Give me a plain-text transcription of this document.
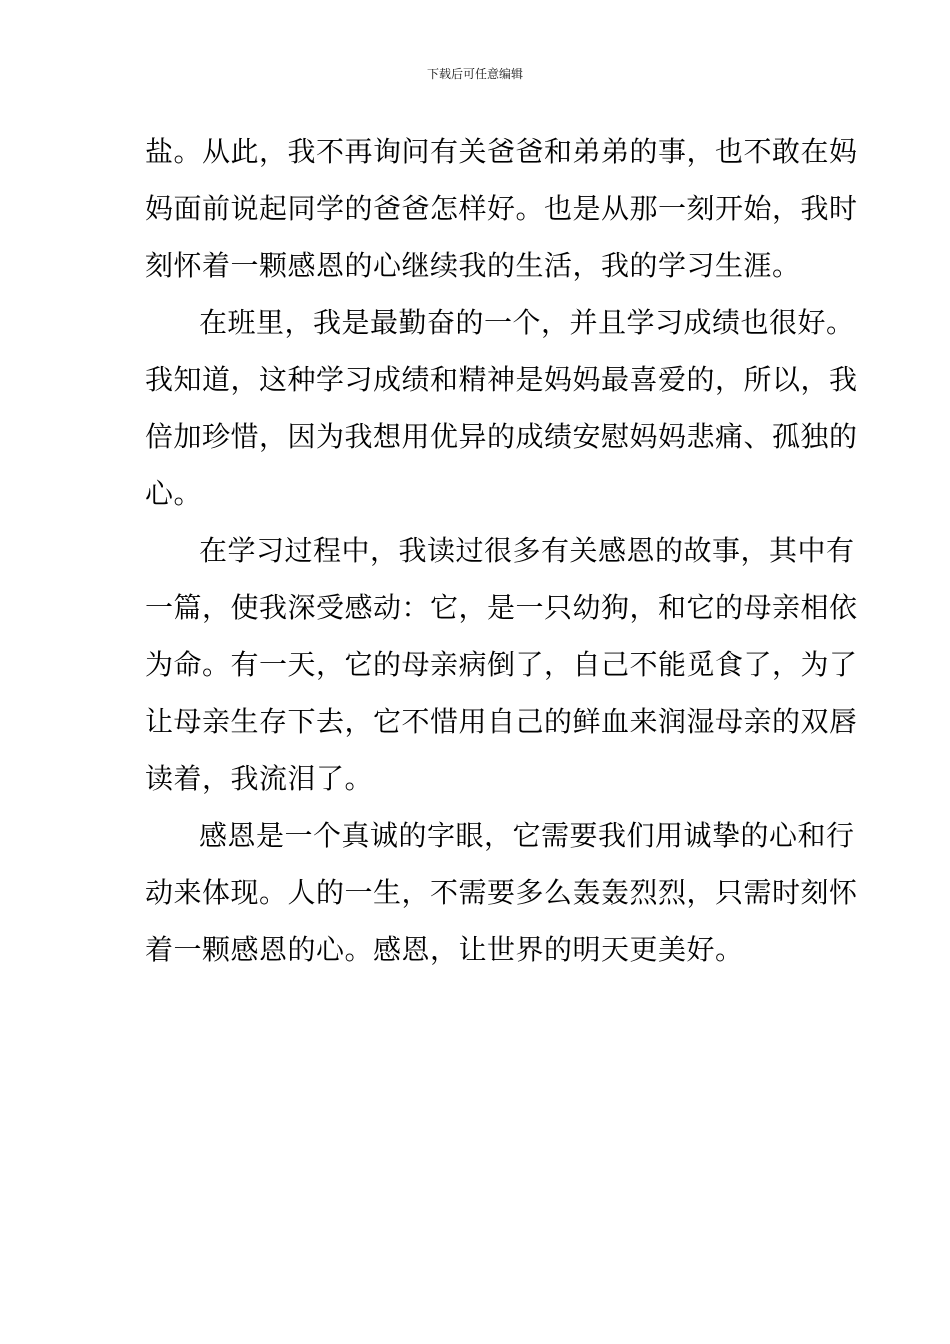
下载后可任意编辑
盐。从此，我不再询问有关爸爸和弟弟的事，也不敢在妈
妈面前说起同学的爸爸怎样好。也是从那一刻开始，我时
刻怀着一颗感恩的心继续我的生活，我的学习生涯。
在班里，我是最勤奋的一个，并且学习成绩也很好。
我知道，这种学习成绩和精神是妈妈最喜爱的，所以，我
倍加珍惜，因为我想用优异的成绩安慰妈妈悲痛、孤独的
心。
在学习过程中，我读过很多有关感恩的故事，其中有
一篇，使我深受感动：它，是一只幼狗，和它的母亲相依
为命。有一天，它的母亲病倒了，自己不能觅食了，为了
让母亲生存下去，它不惜用自己的鲜血来润湿母亲的双唇
读着，我流泪了。
感恩是一个真诚的字眼，它需要我们用诚挚的心和行
动来体现。人的一生，不需要多么轰轰烈烈，只需时刻怀
着一颗感恩的心。感恩，让世界的明天更美好。
